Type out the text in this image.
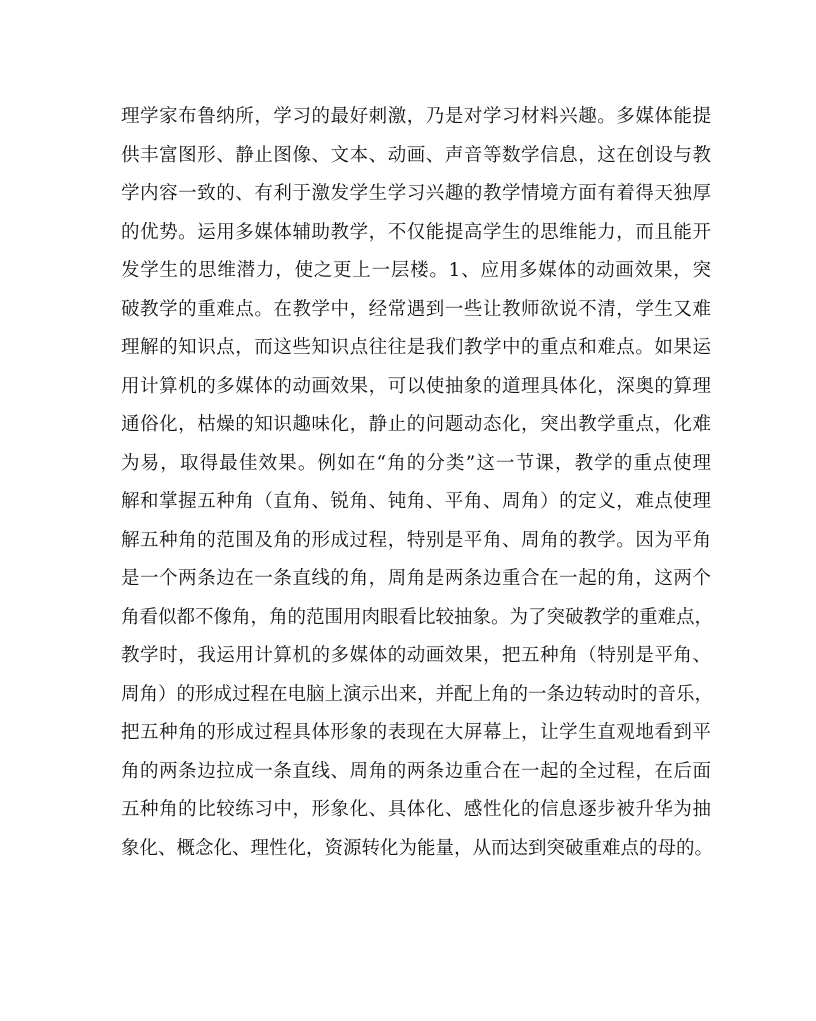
理学家布鲁纳所，学习的最好刺激，乃是对学习材料兴趣。多媒体能提
供丰富图形、静止图像、文本、动画、声音等数学信息，这在创设与教
学内容一致的、有利于激发学生学习兴趣的教学情境方面有着得天独厚
的优势。运用多媒体辅助教学，不仅能提高学生的思维能力，而且能开
发学生的思维潜力，使之更上一层楼。1、应用多媒体的动画效果，突
破教学的重难点。在教学中，经常遇到一些让教师欲说不清，学生又难
理解的知识点，而这些知识点往往是我们教学中的重点和难点。如果运
用计算机的多媒体的动画效果，可以使抽象的道理具体化，深奥的算理
通俗化，枯燥的知识趣味化，静止的问题动态化，突出教学重点，化难
为易，取得最佳效果。例如在“角的分类”这一节课，教学的重点使理
解和掌握五种角（直角、锐角、钝角、平角、周角）的定义，难点使理
解五种角的范围及角的形成过程，特别是平角、周角的教学。因为平角
是一个两条边在一条直线的角，周角是两条边重合在一起的角，这两个
角看似都不像角，角的范围用肉眼看比较抽象。为了突破教学的重难点，
教学时，我运用计算机的多媒体的动画效果，把五种角（特别是平角、
周角）的形成过程在电脑上演示出来，并配上角的一条边转动时的音乐，
把五种角的形成过程具体形象的表现在大屏幕上，让学生直观地看到平
角的两条边拉成一条直线、周角的两条边重合在一起的全过程，在后面
五种角的比较练习中，形象化、具体化、感性化的信息逐步被升华为抽
象化、概念化、理性化，资源转化为能量，从而达到突破重难点的母的。
